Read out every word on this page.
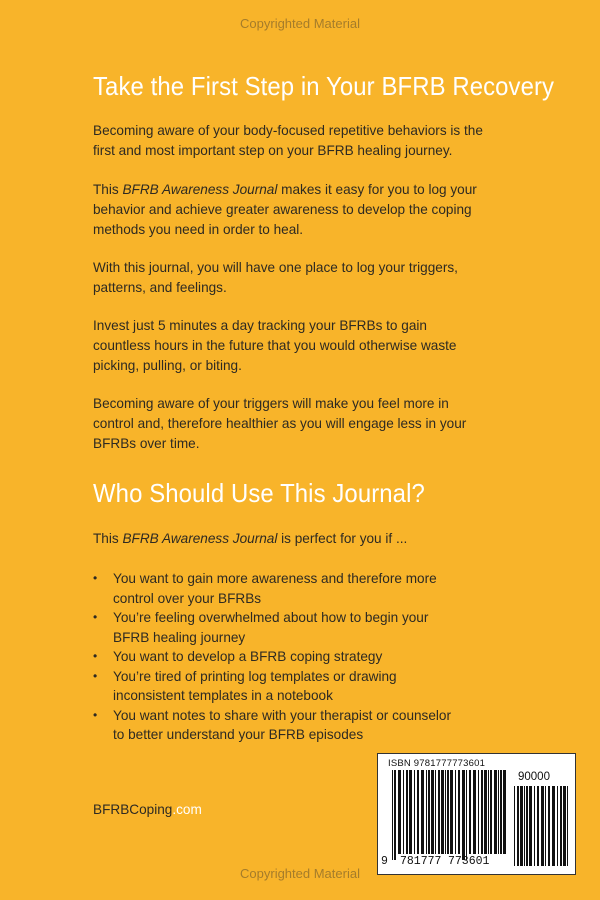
Copyrighted Material
Take the First Step in Your BFRB Recovery

Becoming aware of your body-focused repetitive behaviors is the first and most important step on your BFRB healing journey.

This BFRB Awareness Journal makes it easy for you to log your behavior and achieve greater awareness to develop the coping methods you need in order to heal.

With this journal, you will have one place to log your triggers, patterns, and feelings.

Invest just 5 minutes a day tracking your BFRBs to gain countless hours in the future that you would otherwise waste picking, pulling, or biting.

Becoming aware of your triggers will make you feel more in control and, therefore healthier as you will engage less in your BFRBs over time.

Who Should Use This Journal?

This BFRB Awareness Journal is perfect for you if ...

• You want to gain more awareness and therefore more control over your BFRBs
• You’re feeling overwhelmed about how to begin your BFRB healing journey
• You want to develop a BFRB coping strategy
• You’re tired of printing log templates or drawing inconsistent templates in a notebook
• You want notes to share with your therapist or counselor to better understand your BFRB episodes
BFRBCoping.com
ISBN 9781777773601
90000
9 781777 773601
Copyrighted Material
